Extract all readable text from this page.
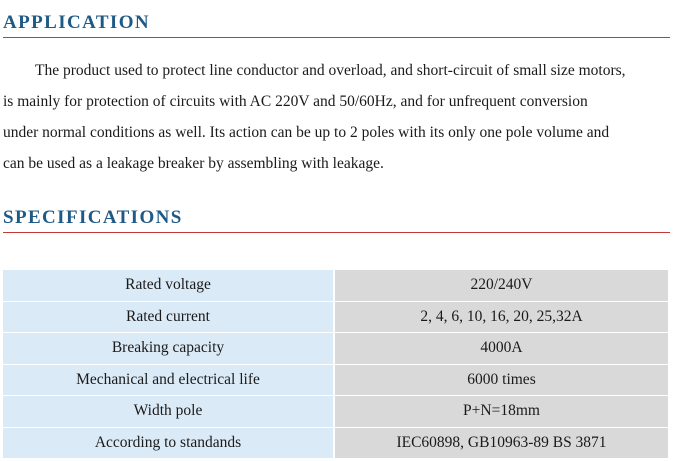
APPLICATION

The product used to protect line conductor and overload, and short-circuit of small size motors,
is mainly for protection of circuits with AC 220V and 50/60Hz, and for unfrequent conversion
under normal conditions as well. Its action can be up to 2 poles with its only one pole volume and
can be used as a leakage breaker by assembling with leakage.

SPECIFICATIONS
Rated voltage	220/240V
Rated current	2, 4, 6, 10, 16, 20, 25,32A
Breaking capacity	4000A
Mechanical and electrical life	6000 times
Width pole	P+N=18mm
According to standands	IEC60898, GB10963-89 BS 3871
